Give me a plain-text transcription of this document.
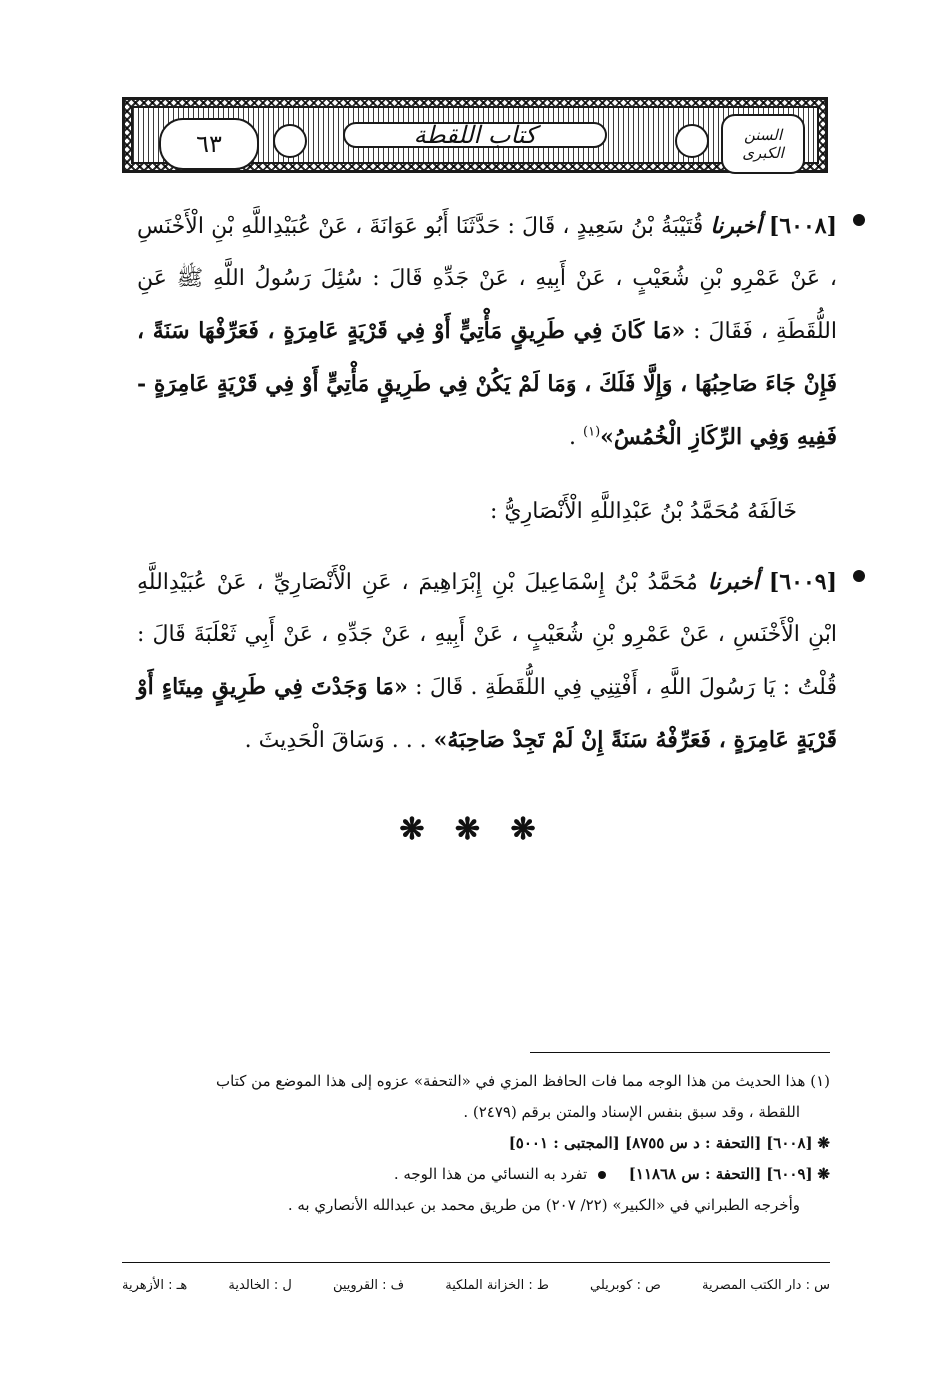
السنن
الكبرى
كتاب اللقطة
٦٣

[٦٠٠٨] أخبرنا قُتَيْبَةُ بْنُ سَعِيدٍ ، قَالَ : حَدَّثَنَا أَبُو عَوَانَةَ ، عَنْ عُبَيْدِاللَّهِ بْنِ الْأَخْنَسِ ، عَنْ عَمْرِو بْنِ شُعَيْبٍ ، عَنْ أَبِيهِ ، عَنْ جَدِّهِ قَالَ : سُئِلَ رَسُولُ اللَّهِ ﷺ عَنِ اللُّقَطَةِ ، فَقَالَ : «مَا كَانَ فِي طَرِيقٍ مَأْتِيٍّ أَوْ فِي قَرْيَةٍ عَامِرَةٍ ، فَعَرِّفْهَا سَنَةً ، فَإِنْ جَاءَ صَاحِبُهَا ، وَإِلَّا فَلَكَ ، وَمَا لَمْ يَكُنْ فِي طَرِيقٍ مَأْتِيٍّ أَوْ فِي قَرْيَةٍ عَامِرَةٍ - فَفِيهِ وَفِي الرِّكَازِ الْخُمُسُ»$^{(١)}$ .

خَالَفَهُ مُحَمَّدُ بْنُ عَبْدِاللَّهِ الْأَنْصَارِيُّ :

[٦٠٠٩] أخبرنا مُحَمَّدُ بْنُ إِسْمَاعِيلَ بْنِ إِبْرَاهِيمَ ، عَنِ الْأَنْصَارِيِّ ، عَنْ عُبَيْدِاللَّهِ ابْنِ الْأَخْنَسِ ، عَنْ عَمْرِو بْنِ شُعَيْبٍ ، عَنْ أَبِيهِ ، عَنْ جَدِّهِ ، عَنْ أَبِي ثَعْلَبَةَ قَالَ : قُلْتُ : يَا رَسُولَ اللَّهِ ، أَفْتِنِي فِي اللُّقَطَةِ . قَالَ : «مَا وَجَدْتَ فِي طَرِيقٍ مِيتَاءٍ أَوْ قَرْيَةٍ عَامِرَةٍ ، فَعَرِّفْهُ سَنَةً إِنْ لَمْ تَجِدْ صَاحِبَهُ» . . . وَسَاقَ الْحَدِيثَ .

❋ ❋ ❋

(١) هذا الحديث من هذا الوجه مما فات الحافظ المزي في «التحفة» عزوه إلى هذا الموضع من كتاب

اللقطة ، وقد سبق بنفس الإسناد والمتن برقم (٢٤٧٩) .

❋ [٦٠٠٨] [التحفة : د س ٨٧٥٥] [المجتبى : ٥٠٠١]

❋ [٦٠٠٩] [التحفة : س ١١٨٦٨]  تفرد به النسائي من هذا الوجه .

وأخرجه الطبراني في «الكبير» (٢٢/ ٢٠٧) من طريق محمد بن عبدالله الأنصاري به .

س : دار الكتب المصرية
ص : كوبريلي
ط : الخزانة الملكية
ف : القرويين
ل : الخالدية
هـ : الأزهرية
